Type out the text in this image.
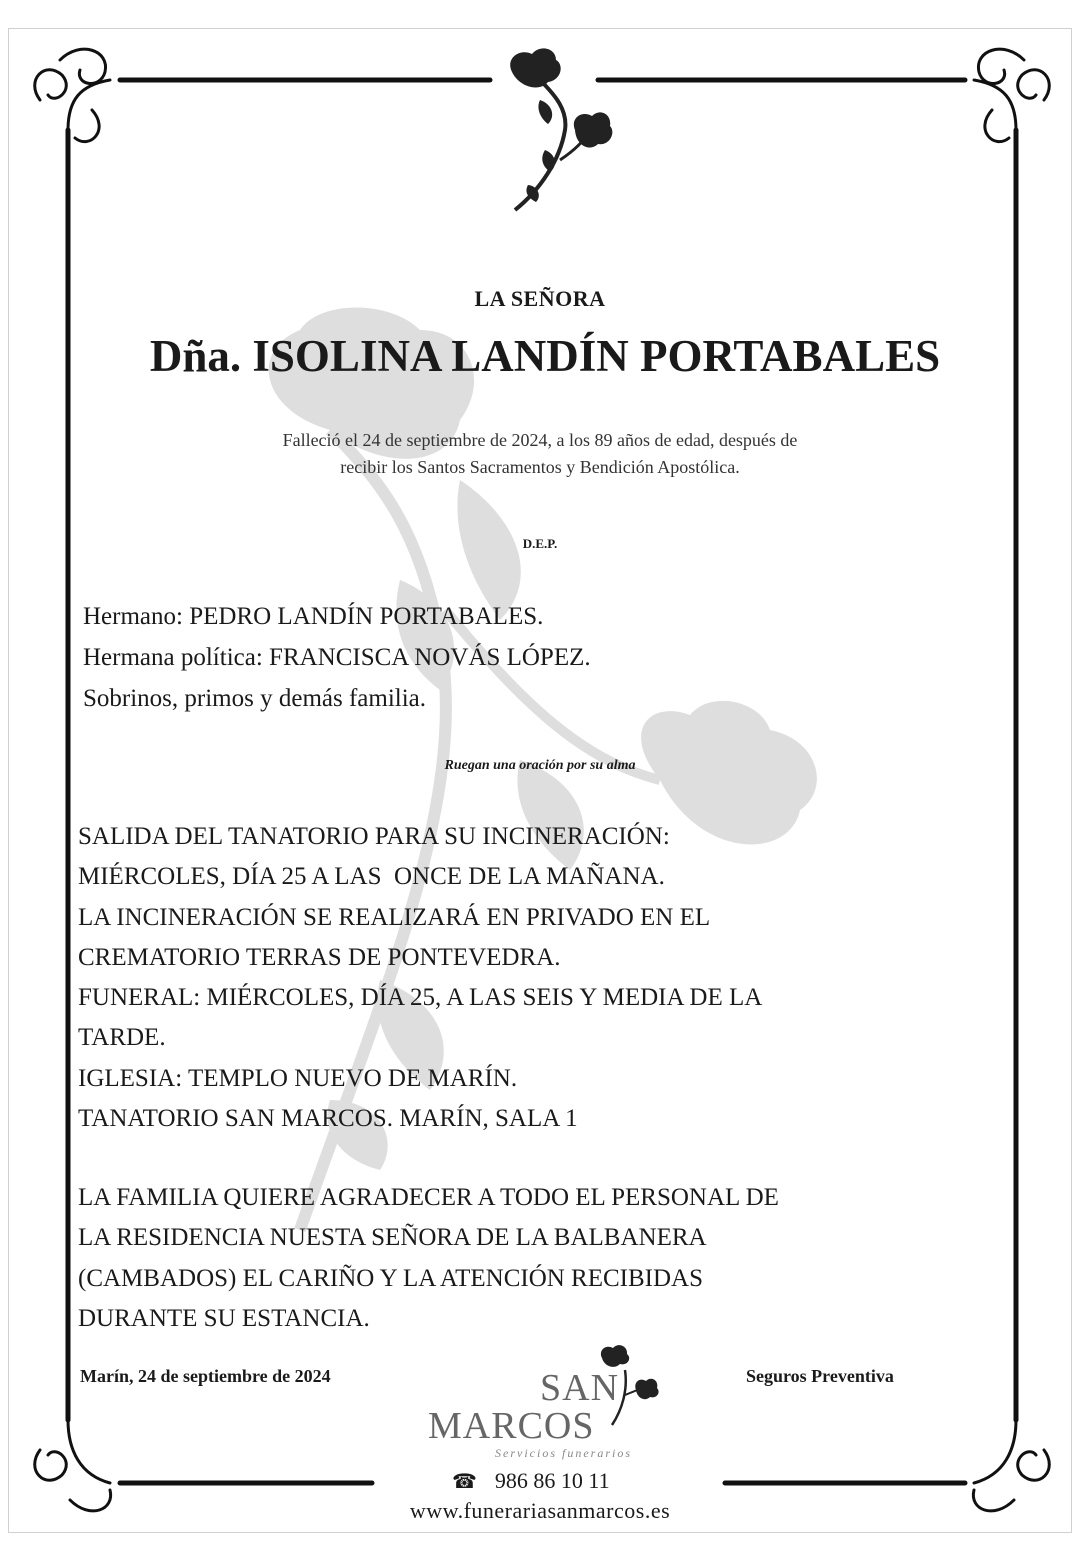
LA SEÑORA
Dña. ISOLINA LANDÍN PORTABALES
Falleció el 24 de septiembre de 2024, a los 89 años de edad, después de
recibir los Santos Sacramentos y Bendición Apostólica.
D.E.P.
Hermano: PEDRO LANDÍN PORTABALES.
Hermana política: FRANCISCA NOVÁS LÓPEZ.
Sobrinos, primos y demás familia.
Ruegan una oración por su alma
SALIDA DEL TANATORIO PARA SU INCINERACIÓN:
MIÉRCOLES, DÍA 25 A LAS  ONCE DE LA MAÑANA.
LA INCINERACIÓN SE REALIZARÁ EN PRIVADO EN EL
CREMATORIO TERRAS DE PONTEVEDRA.
FUNERAL: MIÉRCOLES, DÍA 25, A LAS SEIS Y MEDIA DE LA
TARDE.
IGLESIA: TEMPLO NUEVO DE MARÍN.
TANATORIO SAN MARCOS. MARÍN, SALA 1
LA FAMILIA QUIERE AGRADECER A TODO EL PERSONAL DE
LA RESIDENCIA NUESTA SEÑORA DE LA BALBANERA
(CAMBADOS) EL CARIÑO Y LA ATENCIÓN RECIBIDAS
DURANTE SU ESTANCIA.
Marín, 24 de septiembre de 2024	Seguros Preventiva
SAN
MARCOS
Servicios funerarios
☎ 986 86 10 11
www.funerariasanmarcos.es
